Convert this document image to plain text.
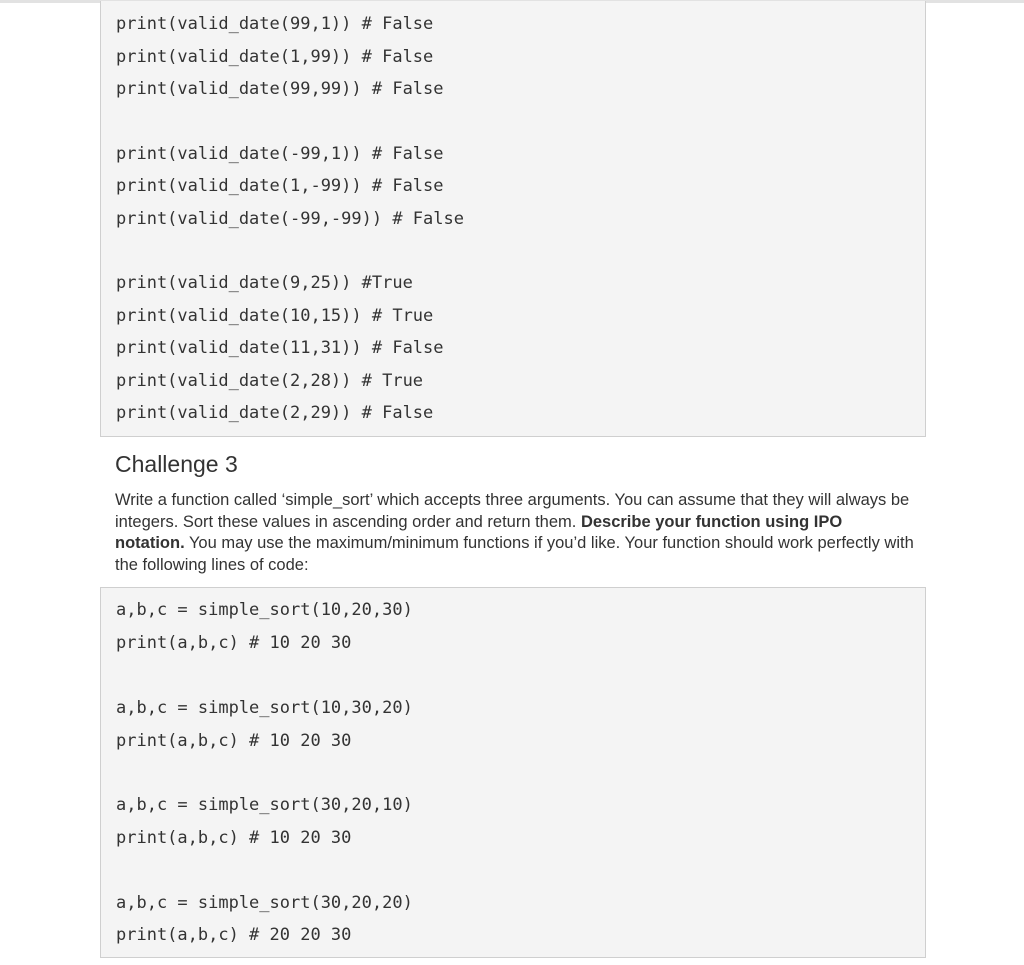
print(valid_date(99,1)) # False
print(valid_date(1,99)) # False
print(valid_date(99,99)) # False
print(valid_date(-99,1)) # False
print(valid_date(1,-99)) # False
print(valid_date(-99,-99)) # False
print(valid_date(9,25)) #True
print(valid_date(10,15)) # True
print(valid_date(11,31)) # False
print(valid_date(2,28)) # True
print(valid_date(2,29)) # False
Challenge 3

Write a function called ‘simple_sort’ which accepts three arguments. You can assume that they will always be integers. Sort these values in ascending order and return them. Describe your function using IPO notation. You may use the maximum/minimum functions if you’d like. Your function should work perfectly with the following lines of code:

a,b,c = simple_sort(10,20,30)
print(a,b,c) # 10 20 30
a,b,c = simple_sort(10,30,20)
print(a,b,c) # 10 20 30
a,b,c = simple_sort(30,20,10)
print(a,b,c) # 10 20 30
a,b,c = simple_sort(30,20,20)
print(a,b,c) # 20 20 30
